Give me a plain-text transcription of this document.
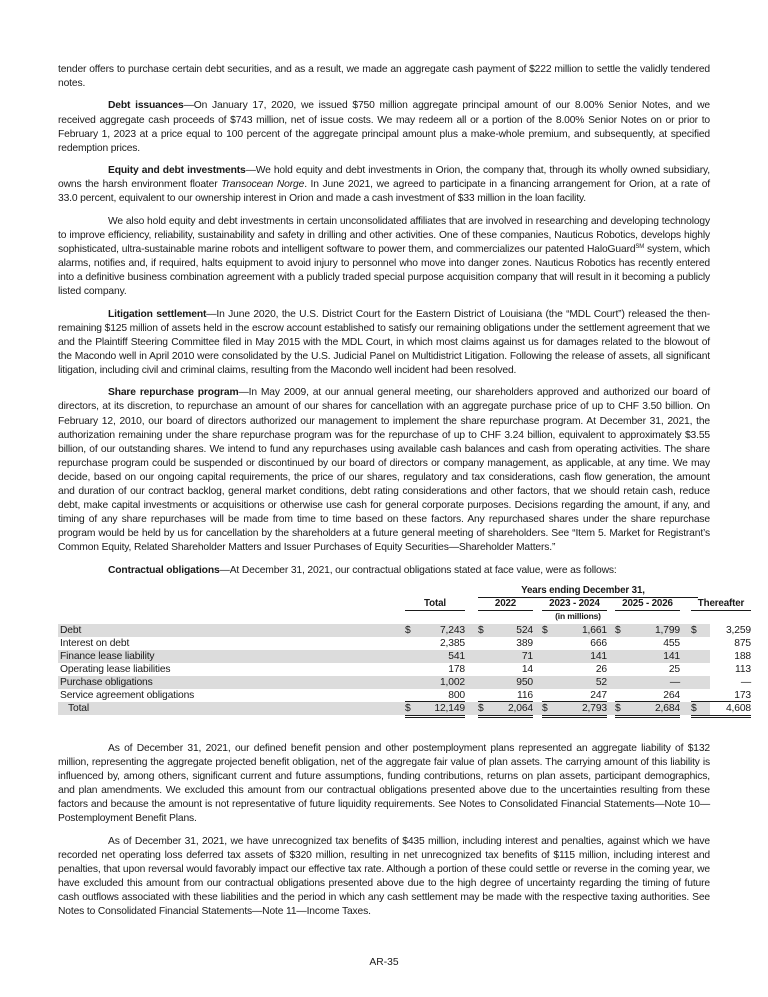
tender offers to purchase certain debt securities, and as a result, we made an aggregate cash payment of $222 million to settle the validly tendered notes.

Debt issuances—On January 17, 2020, we issued $750 million aggregate principal amount of our 8.00% Senior Notes, and we received aggregate cash proceeds of $743 million, net of issue costs. We may redeem all or a portion of the 8.00% Senior Notes on or prior to February 1, 2023 at a price equal to 100 percent of the aggregate principal amount plus a make-whole premium, and subsequently, at specified redemption prices.

Equity and debt investments—We hold equity and debt investments in Orion, the company that, through its wholly owned subsidiary, owns the harsh environment floater Transocean Norge. In June 2021, we agreed to participate in a financing arrangement for Orion, at a rate of 33.0 percent, equivalent to our ownership interest in Orion and made a cash investment of $33 million in the loan facility.

We also hold equity and debt investments in certain unconsolidated affiliates that are involved in researching and developing technology to improve efficiency, reliability, sustainability and safety in drilling and other activities. One of these companies, Nauticus Robotics, develops highly sophisticated, ultra-sustainable marine robots and intelligent software to power them, and commercializes our patented HaloGuard℠ system, which alarms, notifies and, if required, halts equipment to avoid injury to personnel who move into danger zones. Nauticus Robotics has recently entered into a definitive business combination agreement with a publicly traded special purpose acquisition company that will result in it becoming a publicly listed company.

Litigation settlement—In June 2020, the U.S. District Court for the Eastern District of Louisiana (the “MDL Court”) released the then-remaining $125 million of assets held in the escrow account established to satisfy our remaining obligations under the settlement agreement that we and the Plaintiff Steering Committee filed in May 2015 with the MDL Court, in which most claims against us for damages related to the blowout of the Macondo well in April 2010 were consolidated by the U.S. Judicial Panel on Multidistrict Litigation. Following the release of assets, all significant litigation, including civil and criminal claims, resulting from the Macondo well incident had been resolved.

Share repurchase program—In May 2009, at our annual general meeting, our shareholders approved and authorized our board of directors, at its discretion, to repurchase an amount of our shares for cancellation with an aggregate purchase price of up to CHF 3.50 billion. On February 12, 2010, our board of directors authorized our management to implement the share repurchase program. At December 31, 2021, the authorization remaining under the share repurchase program was for the repurchase of up to CHF 3.24 billion, equivalent to approximately $3.55 billion, of our outstanding shares. We intend to fund any repurchases using available cash balances and cash from operating activities. The share repurchase program could be suspended or discontinued by our board of directors or company management, as applicable, at any time. We may decide, based on our ongoing capital requirements, the price of our shares, regulatory and tax considerations, cash flow generation, the amount and duration of our contract backlog, general market conditions, debt rating considerations and other factors, that we should retain cash, reduce debt, make capital investments or acquisitions or otherwise use cash for general corporate purposes. Decisions regarding the amount, if any, and timing of any share repurchases will be made from time to time based on these factors. Any repurchased shares under the share repurchase program would be held by us for cancellation by the shareholders at a future general meeting of shareholders. See “Item 5. Market for Registrant’s Common Equity, Related Shareholder Matters and Issuer Purchases of Equity Securities—Shareholder Matters.”

Contractual obligations—At December 31, 2021, our contractual obligations stated at face value, were as follows:

Years ending December 31,
Total	2022	2023 - 2024	2025 - 2026	Thereafter
(in millions)
Debt	$	7,243 $	524 $	1,661 $	1,799 $	3,259
Interest on debt	2,385	389	666	455	875
Finance lease liability	541	71	141	141	188
Operating lease liabilities	178	14	26	25	113
Purchase obligations	1,002	950	52	—	—
Service agreement obligations	800	116	247	264	173
Total	$ 12,149 $ 2,064 $	2,793 $	2,684 $	4,608

As of December 31, 2021, our defined benefit pension and other postemployment plans represented an aggregate liability of $132 million, representing the aggregate projected benefit obligation, net of the aggregate fair value of plan assets. The carrying amount of this liability is influenced by, among others, significant current and future assumptions, funding contributions, returns on plan assets, participant demographics, and plan amendments. We excluded this amount from our contractual obligations presented above due to the uncertainties resulting from these factors and because the amount is not representative of future liquidity requirements. See Notes to Consolidated Financial Statements—Note 10—Postemployment Benefit Plans.

As of December 31, 2021, we have unrecognized tax benefits of $435 million, including interest and penalties, against which we have recorded net operating loss deferred tax assets of $320 million, resulting in net unrecognized tax benefits of $115 million, including interest and penalties, that upon reversal would favorably impact our effective tax rate. Although a portion of these could settle or reverse in the coming year, we have excluded this amount from our contractual obligations presented above due to the high degree of uncertainty regarding the timing of future cash outflows associated with these liabilities and the period in which any cash settlement may be made with the respective taxing authorities. See Notes to Consolidated Financial Statements—Note 11—Income Taxes.

AR-35
